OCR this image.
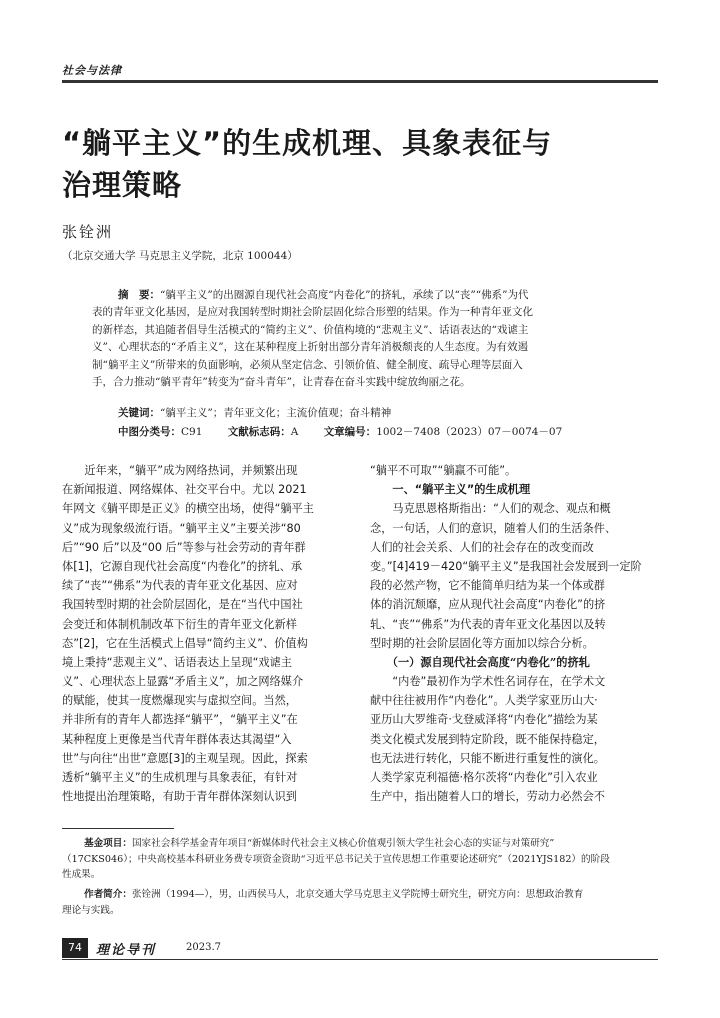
社会与法律
“躺平主义”的生成机理、具象表征与
治理策略
张铨洲
（北京交通大学 马克思主义学院，北京 100044）
摘　要：“躺平主义”的出圈源自现代社会高度“内卷化”的挤轧，承续了以“丧”“佛系”为代
表的青年亚文化基因，是应对我国转型时期社会阶层固化综合形塑的结果。作为一种青年亚文化
的新样态，其追随者倡导生活模式的“简约主义”、价值构境的“悲观主义”、话语表达的“戏谑主
义”、心理状态的“矛盾主义”，这在某种程度上折射出部分青年消极颓丧的人生态度。为有效遏
制“躺平主义”所带来的负面影响，必须从坚定信念、引领价值、健全制度、疏导心理等层面入
手，合力推动“躺平青年”转变为“奋斗青年”，让青春在奋斗实践中绽放绚丽之花。
关键词：“躺平主义”；青年亚文化；主流价值观；奋斗精神
中图分类号：C91 文献标志码：A 文章编号：1002－7408（2023）07－0074－07
　　近年来，“躺平”成为网络热词，并频繁出现
在新闻报道、网络媒体、社交平台中。尤以 2021
年网文《躺平即是正义》的横空出场，使得“躺平主
义”成为现象级流行语。“躺平主义”主要关涉“80
后”“90 后”以及“00 后”等参与社会劳动的青年群
体[1]，它源自现代社会高度“内卷化”的挤轧、承
续了“丧”“佛系”为代表的青年亚文化基因、应对
我国转型时期的社会阶层固化，是在“当代中国社
会变迁和体制机制改革下衍生的青年亚文化新样
态”[2]，它在生活模式上倡导“简约主义”、价值构
境上秉持“悲观主义”、话语表达上呈现“戏谑主
义”、心理状态上显露“矛盾主义”，加之网络媒介
的赋能，使其一度燃爆现实与虚拟空间。当然，
并非所有的青年人都选择“躺平”，“躺平主义”在
某种程度上更像是当代青年群体表达其渴望“入
世”与向往“出世”意愿[3]的主观呈现。因此，探索
透析“躺平主义”的生成机理与具象表征，有针对
性地提出治理策略，有助于青年群体深刻认识到
“躺平不可取”“躺赢不可能”。
　　一、“躺平主义”的生成机理
　　马克思恩格斯指出：“人们的观念、观点和概
念，一句话，人们的意识，随着人们的生活条件、
人们的社会关系、人们的社会存在的改变而改
变。”[4]419－420“躺平主义”是我国社会发展到一定阶
段的必然产物，它不能简单归结为某一个体或群
体的消沉颓靡，应从现代社会高度“内卷化”的挤
轧、“丧”“佛系”为代表的青年亚文化基因以及转
型时期的社会阶层固化等方面加以综合分析。
　　（一）源自现代社会高度“内卷化”的挤轧
　　“内卷”最初作为学术性名词存在，在学术文
献中往往被用作“内卷化”。人类学家亚历山大·
亚历山大罗维奇·戈登威泽将“内卷化”描绘为某
类文化模式发展到特定阶段，既不能保持稳定，
也无法进行转化，只能不断进行重复性的演化。
人类学家克利福德·格尔茨将“内卷化”引入农业
生产中，指出随着人口的增长，劳动力必然会不
基金项目：国家社会科学基金青年项目“新媒体时代社会主义核心价值观引领大学生社会心态的实证与对策研究”
（17CKS046）；中央高校基本科研业务费专项资金资助“习近平总书记关于宣传思想工作重要论述研究”（2021YJS182）的阶段
性成果。
作者简介：张铨洲（1994—），男，山西侯马人，北京交通大学马克思主义学院博士研究生，研究方向：思想政治教育
理论与实践。
74	理论导刊	2023.7
